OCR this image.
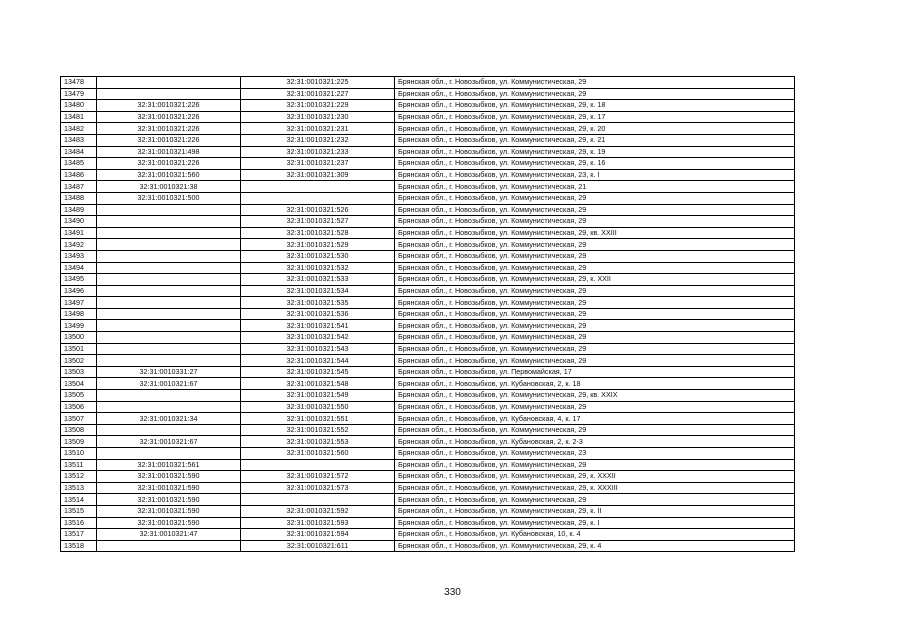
13478		32:31:0010321:225	Брянская обл., г. Новозыбков, ул. Коммунистическая, 29
13479		32:31:0010321:227	Брянская обл., г. Новозыбков, ул. Коммунистическая, 29
13480	32:31:0010321:226	32:31:0010321:229	Брянская обл., г. Новозыбков, ул. Коммунистическая, 29, к. 18
13481	32:31:0010321:226	32:31:0010321:230	Брянская обл., г. Новозыбков, ул. Коммунистическая, 29, к. 17
13482	32:31:0010321:226	32:31:0010321:231	Брянская обл., г. Новозыбков, ул. Коммунистическая, 29, к. 20
13483	32:31:0010321:226	32:31:0010321:232	Брянская обл., г. Новозыбков, ул. Коммунистическая, 29, к. 21
13484	32:31:0010321:498	32:31:0010321:233	Брянская обл., г. Новозыбков, ул. Коммунистическая, 29, к. 19
13485	32:31:0010321:226	32:31:0010321:237	Брянская обл., г. Новозыбков, ул. Коммунистическая, 29, к. 16
13486	32:31:0010321:560	32:31:0010321:309	Брянская обл., г. Новозыбков, ул. Коммунистическая, 23, к. I
13487	32:31:0010321:38		Брянская обл., г. Новозыбков, ул. Коммунистическая, 21
13488	32:31:0010321:500		Брянская обл., г. Новозыбков, ул. Коммунистическая, 29
13489		32:31:0010321:526	Брянская обл., г. Новозыбков, ул. Коммунистическая, 29
13490		32:31:0010321:527	Брянская обл., г. Новозыбков, ул. Коммунистическая, 29
13491		32:31:0010321:528	Брянская обл., г. Новозыбков, ул. Коммунистическая, 29, кв. XXIII
13492		32:31:0010321:529	Брянская обл., г. Новозыбков, ул. Коммунистическая, 29
13493		32:31:0010321:530	Брянская обл., г. Новозыбков, ул. Коммунистическая, 29
13494		32:31:0010321:532	Брянская обл., г. Новозыбков, ул. Коммунистическая, 29
13495		32:31:0010321:533	Брянская обл., г. Новозыбков, ул. Коммунистическая, 29, к. XXII
13496		32:31:0010321:534	Брянская обл., г. Новозыбков, ул. Коммунистическая, 29
13497		32:31:0010321:535	Брянская обл., г. Новозыбков, ул. Коммунистическая, 29
13498		32:31:0010321:536	Брянская обл., г. Новозыбков, ул. Коммунистическая, 29
13499		32:31:0010321:541	Брянская обл., г. Новозыбков, ул. Коммунистическая, 29
13500		32:31:0010321:542	Брянская обл., г. Новозыбков, ул. Коммунистическая, 29
13501		32:31:0010321:543	Брянская обл., г. Новозыбков, ул. Коммунистическая, 29
13502		32:31:0010321:544	Брянская обл., г. Новозыбков, ул. Коммунистическая, 29
13503	32:31:0010331:27	32:31:0010321:545	Брянская обл., г. Новозыбков, ул. Первомайская, 17
13504	32:31:0010321:67	32:31:0010321:548	Брянская обл., г. Новозыбков, ул. Кубановская, 2, к. 18
13505		32:31:0010321:549	Брянская обл., г. Новозыбков, ул. Коммунистическая, 29, кв. XXIX
13506		32:31:0010321:550	Брянская обл., г. Новозыбков, ул. Коммунистическая, 29
13507	32:31:0010321:34	32:31:0010321:551	Брянская обл., г. Новозыбков, ул. Кубановская, 4, к. 17
13508		32:31:0010321:552	Брянская обл., г. Новозыбков, ул. Коммунистическая, 29
13509	32:31:0010321:67	32:31:0010321:553	Брянская обл., г. Новозыбков, ул. Кубановская, 2, к. 2-3
13510		32:31:0010321:560	Брянская обл., г. Новозыбков, ул. Коммунистическая, 23
13511	32:31:0010321:561		Брянская обл., г. Новозыбков, ул. Коммунистическая, 29
13512	32:31:0010321:590	32:31:0010321:572	Брянская обл., г. Новозыбков, ул. Коммунистическая, 29, к. XXXII
13513	32:31:0010321:590	32:31:0010321:573	Брянская обл., г. Новозыбков, ул. Коммунистическая, 29, к. XXXIII
13514	32:31:0010321:590		Брянская обл., г. Новозыбков, ул. Коммунистическая, 29
13515	32:31:0010321:590	32:31:0010321:592	Брянская обл., г. Новозыбков, ул. Коммунистическая, 29, к. II
13516	32:31:0010321:590	32:31:0010321:593	Брянская обл., г. Новозыбков, ул. Коммунистическая, 29, к. I
13517	32:31:0010321:47	32:31:0010321:594	Брянская обл., г. Новозыбков, ул. Кубановская, 10, к. 4
13518		32:31:0010321:611	Брянская обл., г. Новозыбков, ул. Коммунистическая, 29, к. 4
330
